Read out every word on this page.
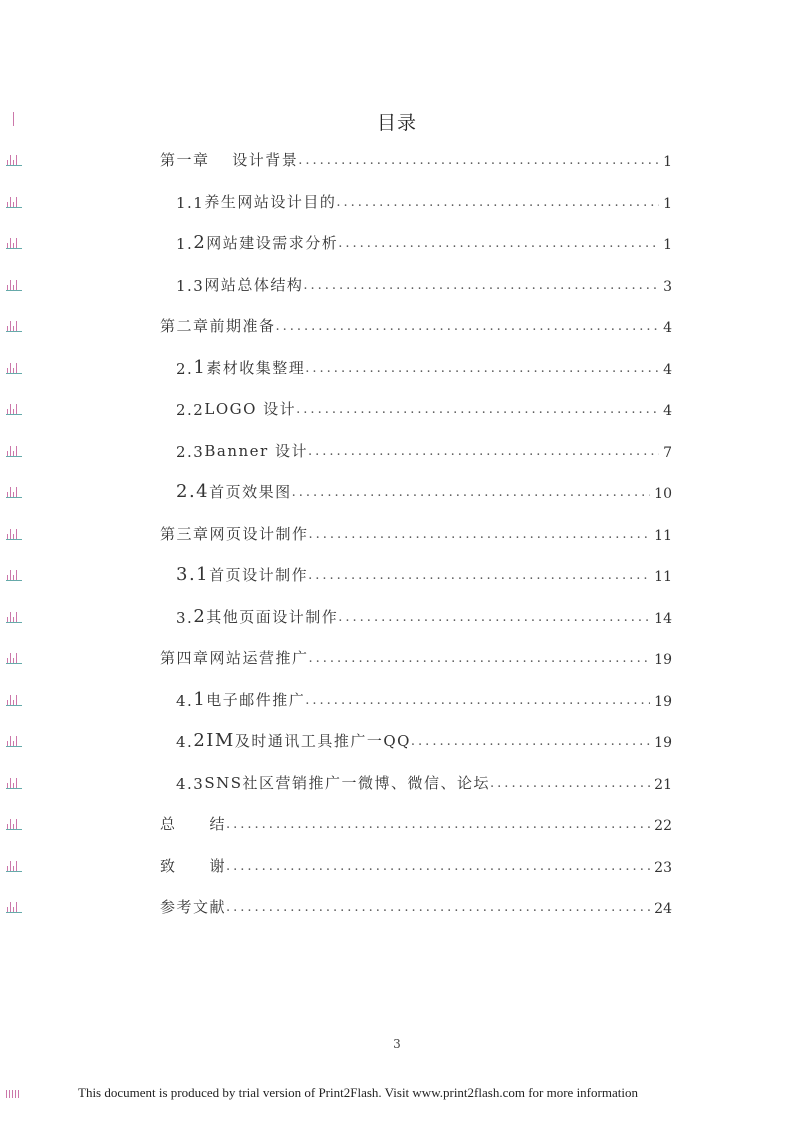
目录
第一章　 设计背景 .....	1
1.1 养生网站设计目的 .....	1
1. 2 网站建设需求分析 .....	1
1.3 网站总体结构 .....	3
第二章前期准备 .....	4
2. 1 素材收集整理 .....	4
2.2 LOGO 设计 .....	4
2.3 Banner 设计 .....	7
2.4 首页效果图 .....	10
第三章网页设计制作 .....	11
3.1 首页设计制作 .....	11
3. 2 其他页面设计制作 .....	14
第四章网站运营推广 .....	19
4. 1 电子邮件推广 .....	19
4. 2IM 及时通讯工具推广一QQ .....	19
4.3 SNS社区营销推广一微博、微信、论坛 .....	21
总　　结 .....	22
致　　谢 .....	23
参考文献 .....	24
3
This document is produced by trial version of Print2Flash. Visit www.print2flash.com for more information
